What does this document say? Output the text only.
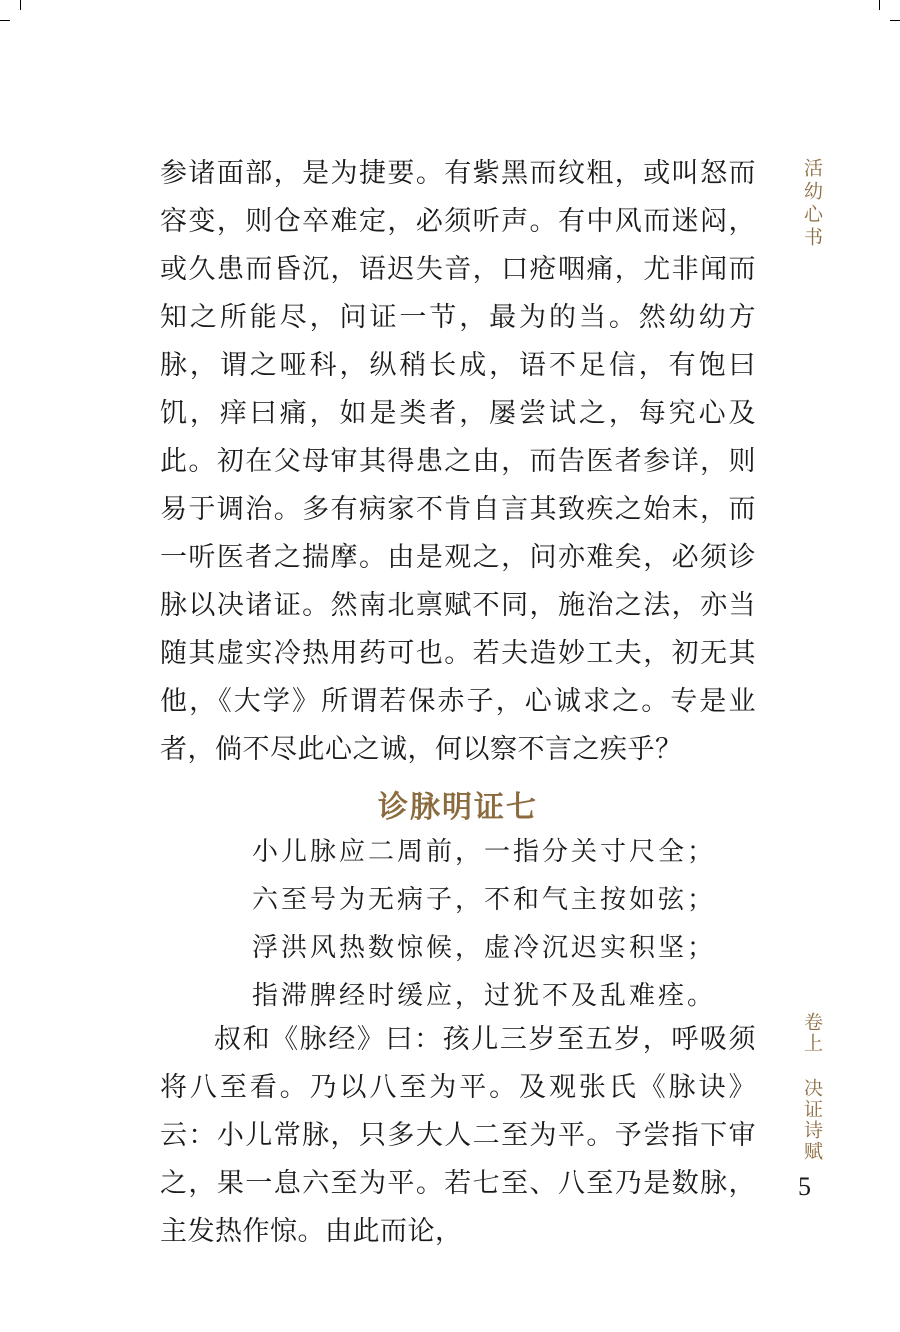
参诸面部，是为捷要。有紫黑而纹粗，或叫怒而容变，则仓卒难定，必须听声。有中风而迷闷，或久患而昏沉，语迟失音，口疮咽痛，尤非闻而知之所能尽，问证一节，最为的当。然幼幼方脉，谓之哑科，纵稍长成，语不足信，有饱曰饥，痒曰痛，如是类者，屡尝试之，每究心及此。初在父母审其得患之由，而告医者参详，则易于调治。多有病家不肯自言其致疾之始末，而一听医者之揣摩。由是观之，问亦难矣，必须诊脉以决诸证。然南北禀赋不同，施治之法，亦当随其虚实冷热用药可也。若夫造妙工夫，初无其他，《大学》所谓若保赤子，心诚求之。专是业者，倘不尽此心之诚，何以察不言之疾乎？

诊脉明证七
小儿脉应二周前，一指分关寸尺全；
六至号为无病子，不和气主按如弦；
浮洪风热数惊候，虚冷沉迟实积坚；
指滞脾经时缓应，过犹不及乱难痊。

叔和《脉经》曰：孩儿三岁至五岁，呼吸须将八至看。乃以八至为平。及观张氏《脉诀》云：小儿常脉，只多大人二至为平。予尝指下审之，果一息六至为平。若七至、八至乃是数脉，主发热作惊。由此而论，

活幼心书
卷上
决证诗赋
5
